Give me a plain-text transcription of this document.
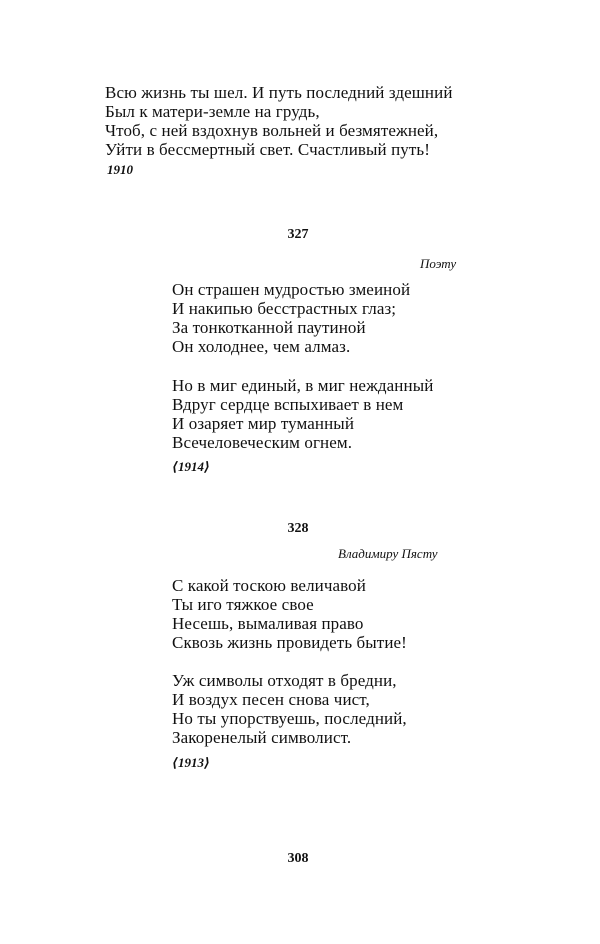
Всю жизнь ты шел. И путь последний здешний
Был к матери-земле на грудь,
Чтоб, с ней вздохнув вольней и безмятежней,
Уйти в бессмертный свет. Счастливый путь!
1910
327
Поэту
Он страшен мудростью змеиной
И накипью бесстрастных глаз;
За тонкотканной паутиной
Он холоднее, чем алмаз.
Но в миг единый, в миг нежданный
Вдруг сердце вспыхивает в нем
И озаряет мир туманный
Всечеловеческим огнем.
⟨1914⟩
328
Владимиру Пясту
С какой тоскою величавой
Ты иго тяжкое свое
Несешь, вымаливая право
Сквозь жизнь провидеть бытие!
Уж символы отходят в бредни,
И воздух песен снова чист,
Но ты упорствуешь, последний,
Закоренелый символист.
⟨1913⟩
308
